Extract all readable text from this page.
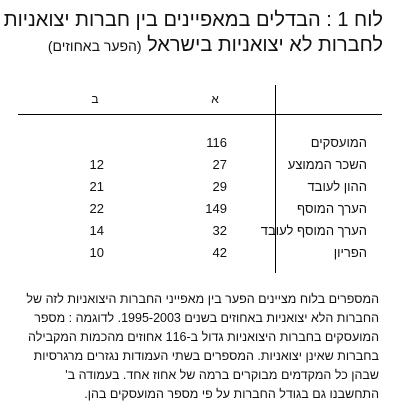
לוח 1 : הבדלים במאפיינים בין חברות יצואניות
לחברות לא יצואניות בישראל (הפער באחוזים)
א
ב
המועסקים
116
השכר הממוצע
27
12
ההון לעובד
29
21
הערך המוסף
149
22
הערך המוסף לעובד
32
14
הפריון
42
10
המספרים בלוח מציינים הפער בין מאפייני החברות היצואניות לזה של
החברות הלא יצואניות באחוזים בשנים 1995-2003. לדוגמה : מספר
המועסקים בחברות היצואניות גדול ב-116 אחוזים מהכמות המקבילה
בחברות שאינן יצואניות. המספרים בשתי העמודות נגזרים מרגרסיות
שבהן כל המקדמים מבוקרים ברמה של אחוז אחד. בעמודה ב'
התחשבנו גם בגודל החברות על פי מספר המועסקים בהן.
